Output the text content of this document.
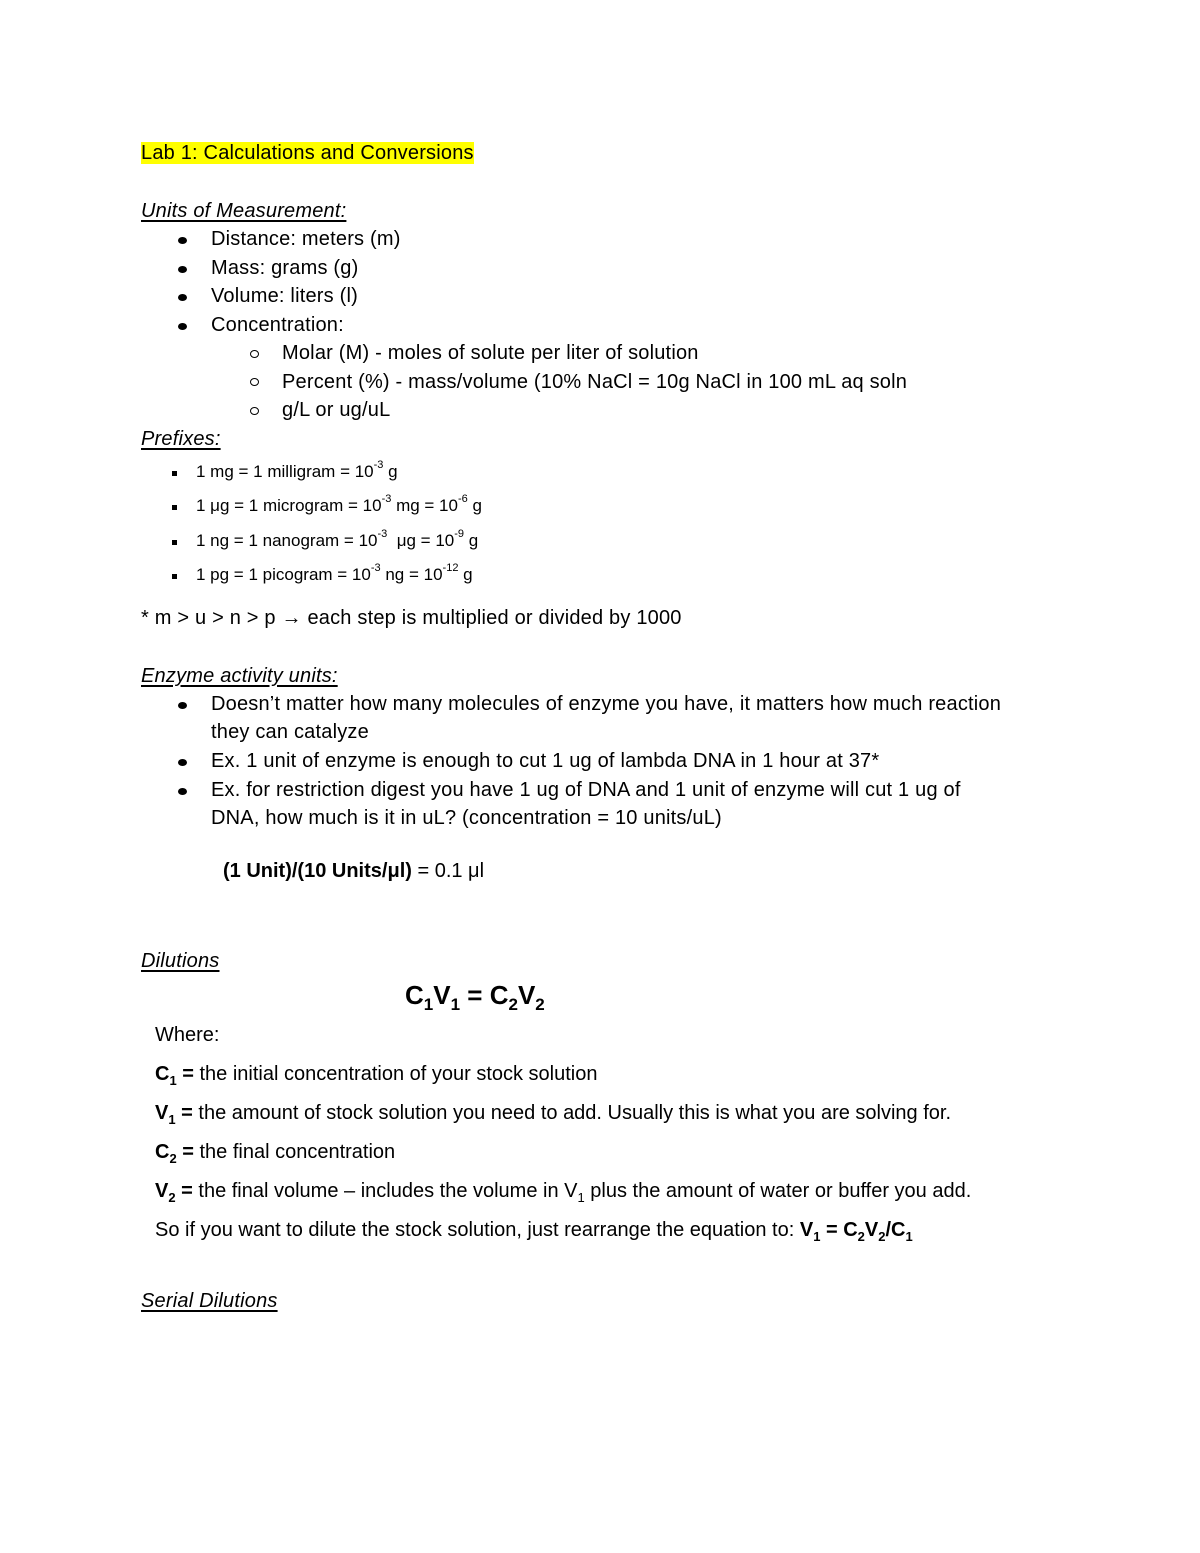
Lab 1: Calculations and Conversions
Units of Measurement:
Distance: meters (m)
Mass: grams (g)
Volume: liters (l)
Concentration:
Molar (M) - moles of solute per liter of solution
Percent (%) - mass/volume (10% NaCl = 10g NaCl in 100 mL aq soln
g/L or ug/uL
Prefixes:
1 mg = 1 milligram = $10^{-3}$ g
1 μg = 1 microgram = $10^{-3}$ mg = $10^{-6}$ g
1 ng = 1 nanogram = $10^{-3}$  $\mu g = 10^{-9}$ g
1 pg = 1 picogram = $10^{-3}$ ng = $10^{-12}$ g
* m > u > n > p → each step is multiplied or divided by 1000
Enzyme activity units:
Doesn’t matter how many molecules of enzyme you have, it matters how much reaction
they can catalyze
Ex. 1 unit of enzyme is enough to cut 1 ug of lambda DNA in 1 hour at 37*
Ex. for restriction digest you have 1 ug of DNA and 1 unit of enzyme will cut 1 ug of
DNA, how much is it in uL? (concentration = 10 units/uL)
(1 Unit)/(10 Units/μl) = 0.1 μl
Dilutions
$C_1V_1 = C_2V_2$
Where:
$C_1$ = the initial concentration of your stock solution
$V_1$ = the amount of stock solution you need to add. Usually this is what you are solving for.
$C_2$ = the final concentration
$V_2$ = the final volume – includes the volume in $V_1$ plus the amount of water or buffer you add.
So if you want to dilute the stock solution, just rearrange the equation to: $V_1 = C_2V_2/C_1$
Serial Dilutions
